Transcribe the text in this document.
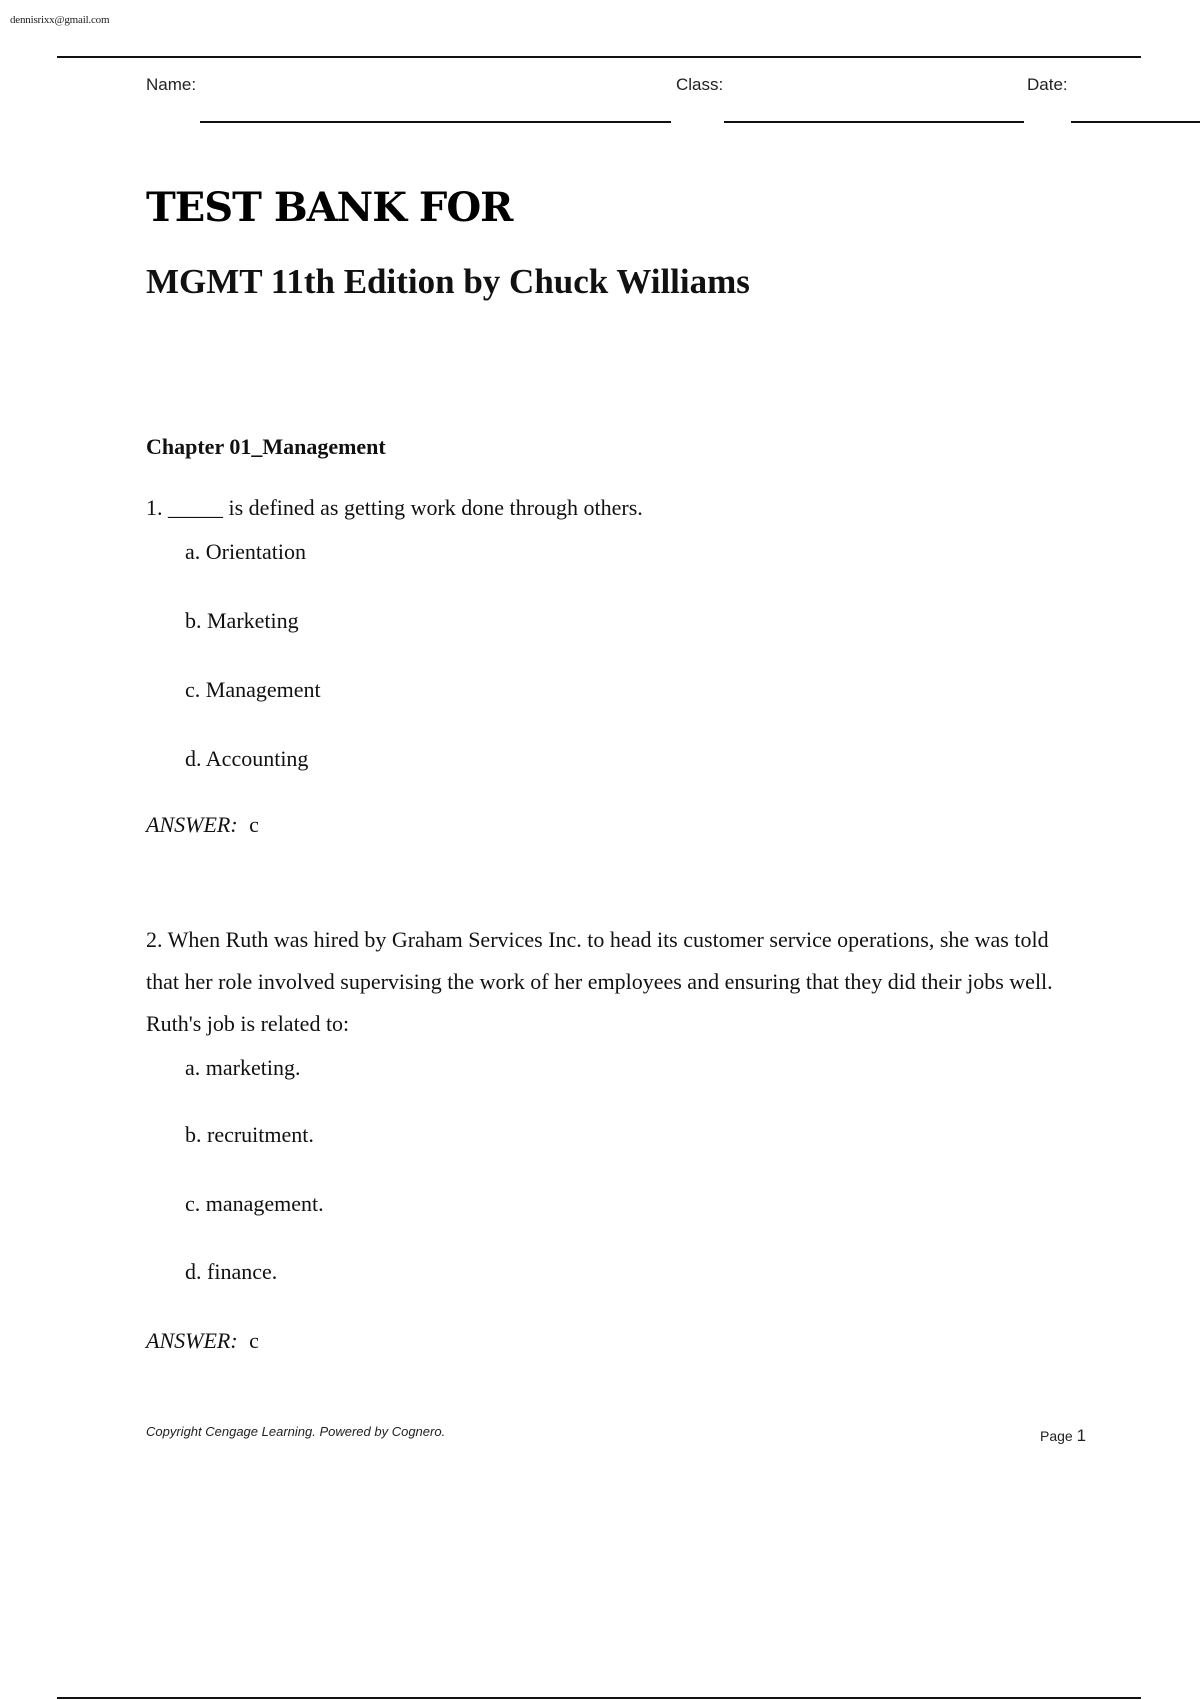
dennisrixx@gmail.com
Name:	Class:	Date:
TEST BANK FOR
MGMT 11th Edition by Chuck Williams
Chapter 01_Management
1. _____ is defined as getting work done through others.
a. Orientation
b. Marketing
c. Management
d. Accounting
ANSWER: c
2. When Ruth was hired by Graham Services Inc. to head its customer service operations, she was told that her role involved supervising the work of her employees and ensuring that they did their jobs well. Ruth's job is related to:
a. marketing.
b. recruitment.
c. management.
d. finance.
ANSWER: c
Copyright Cengage Learning. Powered by Cognero.	Page 1
